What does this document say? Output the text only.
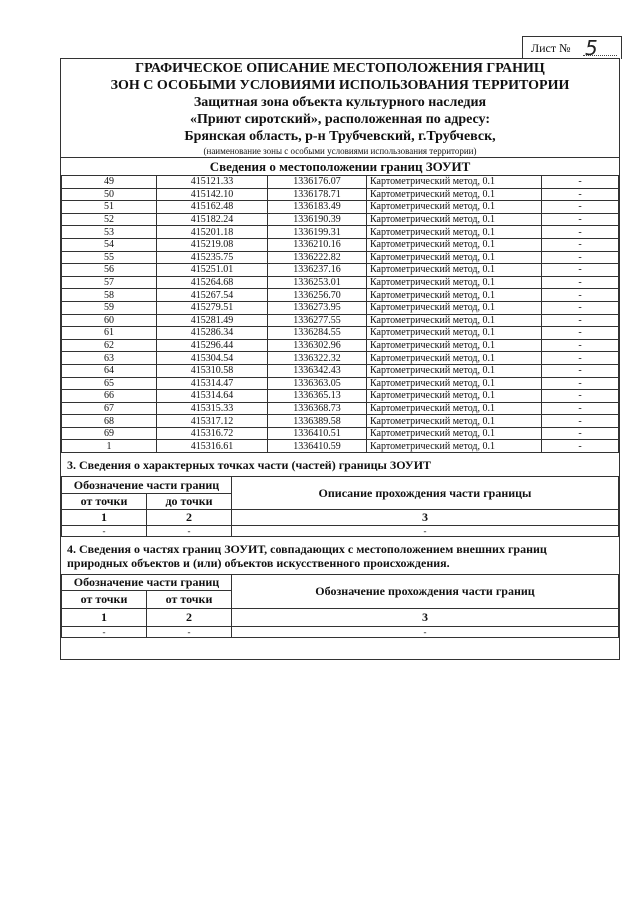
Лист № 5
ГРАФИЧЕСКОЕ ОПИСАНИЕ МЕСТОПОЛОЖЕНИЯ ГРАНИЦ
ЗОН С ОСОБЫМИ УСЛОВИЯМИ ИСПОЛЬЗОВАНИЯ ТЕРРИТОРИИ
Защитная зона объекта культурного наследия
«Приют сиротский», расположенная по адресу:
Брянская область, р-н Трубчевский, г.Трубчевск,
(наименование зоны с особыми условиями использования территории)
Сведения о местоположении границ ЗОУИТ
49	415121.33	1336176.07	Картометрический метод, 0.1	-
50	415142.10	1336178.71	Картометрический метод, 0.1	-
51	415162.48	1336183.49	Картометрический метод, 0.1	-
52	415182.24	1336190.39	Картометрический метод, 0.1	-
53	415201.18	1336199.31	Картометрический метод, 0.1	-
54	415219.08	1336210.16	Картометрический метод, 0.1	-
55	415235.75	1336222.82	Картометрический метод, 0.1	-
56	415251.01	1336237.16	Картометрический метод, 0.1	-
57	415264.68	1336253.01	Картометрический метод, 0.1	-
58	415267.54	1336256.70	Картометрический метод, 0.1	-
59	415279.51	1336273.95	Картометрический метод, 0.1	-
60	415281.49	1336277.55	Картометрический метод, 0.1	-
61	415286.34	1336284.55	Картометрический метод, 0.1	-
62	415296.44	1336302.96	Картометрический метод, 0.1	-
63	415304.54	1336322.32	Картометрический метод, 0.1	-
64	415310.58	1336342.43	Картометрический метод, 0.1	-
65	415314.47	1336363.05	Картометрический метод, 0.1	-
66	415314.64	1336365.13	Картометрический метод, 0.1	-
67	415315.33	1336368.73	Картометрический метод, 0.1	-
68	415317.12	1336389.58	Картометрический метод, 0.1	-
69	415316.72	1336410.51	Картометрический метод, 0.1	-
1	415316.61	1336410.59	Картометрический метод, 0.1	-
3. Сведения о характерных точках части (частей) границы ЗОУИТ
Обозначение части границ		Описание прохождения части границы
от точки	до точки	
1	2	3
-	-	-
4. Сведения о частях границ ЗОУИТ, совпадающих с местоположением внешних границ
природных объектов и (или) объектов искусственного происхождения.
Обозначение части границ		Обозначение прохождения части границ
от точки	от точки	
1	2	3
-	-	-
